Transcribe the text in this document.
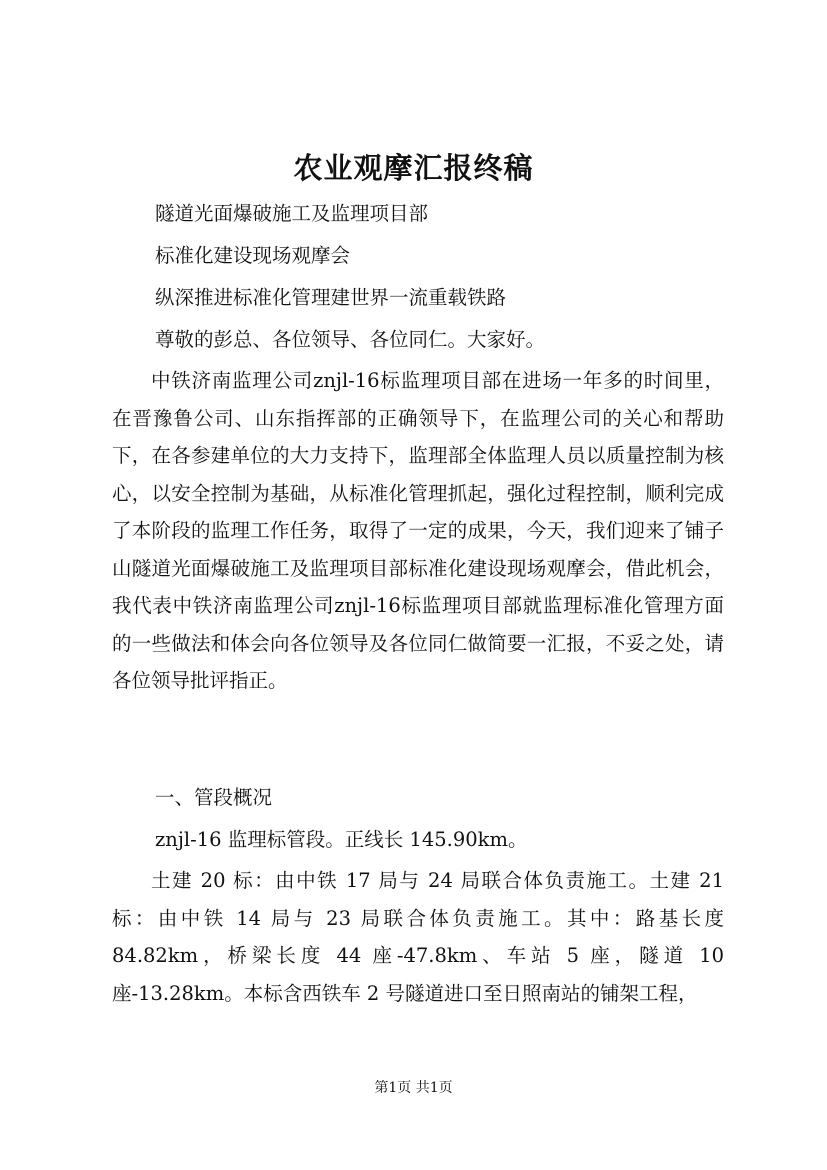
农业观摩汇报终稿
隧道光面爆破施工及监理项目部
标准化建设现场观摩会
纵深推进标准化管理建世界一流重载铁路
尊敬的彭总、各位领导、各位同仁。大家好。

中铁济南监理公司znjl-16标监理项目部在进场一年多的时间里，在晋豫鲁公司、山东指挥部的正确领导下，在监理公司的关心和帮助下，在各参建单位的大力支持下，监理部全体监理人员以质量控制为核心，以安全控制为基础，从标准化管理抓起，强化过程控制，顺利完成了本阶段的监理工作任务，取得了一定的成果，今天，我们迎来了铺子山隧道光面爆破施工及监理项目部标准化建设现场观摩会，借此机会，我代表中铁济南监理公司znjl-16标监理项目部就监理标准化管理方面的一些做法和体会向各位领导及各位同仁做简要一汇报，不妥之处，请各位领导批评指正。

一、管段概况
znjl-16 监理标管段。正线长 145.90km。

土建 20 标：由中铁 17 局与 24 局联合体负责施工。土建 21 标：由中铁 14 局与 23 局联合体负责施工。其中：路基长度 84.82km，桥梁长度 44 座-47.8km、车站 5 座，隧道 10 座-13.28km。本标含西铁车 2 号隧道进口至日照南站的铺架工程，

第1页 共1页
